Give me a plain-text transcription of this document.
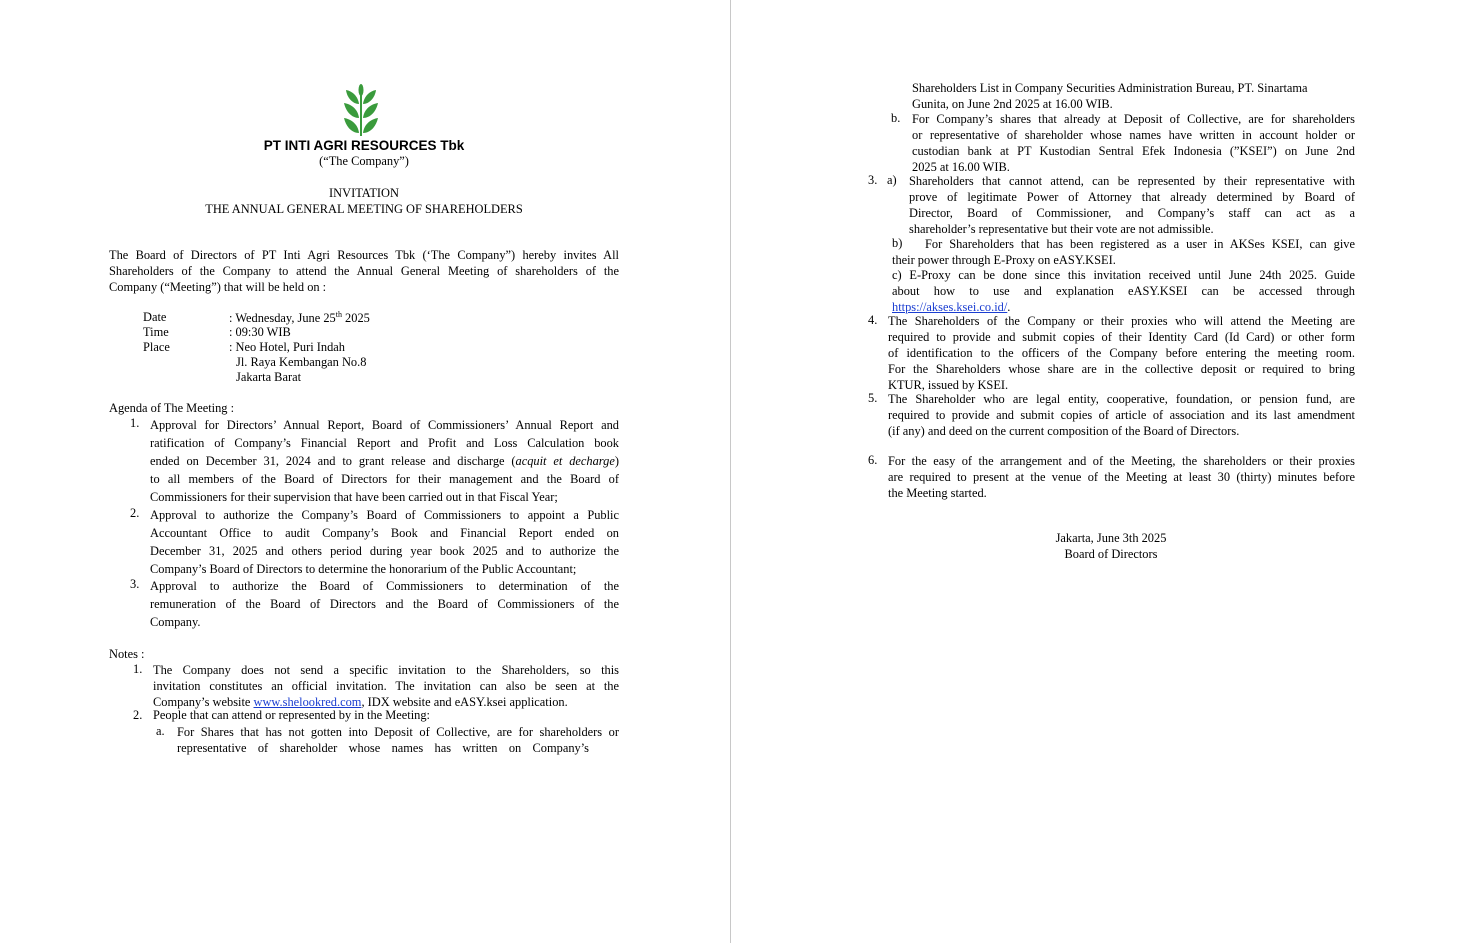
PT INTI AGRI RESOURCES Tbk
(“The Company”)
INVITATION
THE ANNUAL GENERAL MEETING OF SHAREHOLDERS
The Board of Directors of PT Inti Agri Resources Tbk (‘The Company”) hereby invites All
Shareholders of the Company to attend the Annual General Meeting of shareholders of the
Company (“Meeting”) that will be held on :
Date	: Wednesday, June 25th 2025
Time	: 09:30 WIB
Place	: Neo Hotel, Puri Indah
Jl. Raya Kembangan No.8
Jakarta Barat
Agenda of The Meeting :
1. Approval for Directors’ Annual Report, Board of Commissioners’ Annual Report and
ratification of Company’s Financial Report and Profit and Loss Calculation book
ended on December 31, 2024 and to grant release and discharge (acquit et decharge)
to all members of the Board of Directors for their management and the Board of
Commissioners for their supervision that have been carried out in that Fiscal Year;
2. Approval to authorize the Company’s Board of Commissioners to appoint a Public
Accountant Office to audit Company’s Book and Financial Report ended on
December 31, 2025 and others period during year book 2025 and to authorize the
Company’s Board of Directors to determine the honorarium of the Public Accountant;
3. Approval to authorize the Board of Commissioners to determination of the
remuneration of the Board of Directors and the Board of Commissioners of the
Company.
Notes :
1. The Company does not send a specific invitation to the Shareholders, so this
invitation constitutes an official invitation. The invitation can also be seen at the
Company’s website www.shelookred.com, IDX website and eASY.ksei application.
2. People that can attend or represented by in the Meeting:
a. For Shares that has not gotten into Deposit of Collective, are for shareholders or
representative of shareholder whose names has written on Company’s
Shareholders List in Company Securities Administration Bureau, PT. Sinartama
Gunita, on June 2nd 2025 at 16.00 WIB.
b. For Company’s shares that already at Deposit of Collective, are for shareholders
or representative of shareholder whose names have written in account holder or
custodian bank at PT Kustodian Sentral Efek Indonesia (”KSEI”) on June 2nd
2025 at 16.00 WIB.
3. a) Shareholders that cannot attend, can be represented by their representative with
prove of legitimate Power of Attorney that already determined by Board of
Director, Board of Commissioner, and Company’s staff can act as a
shareholder’s representative but their vote are not admissible.
b)	For Shareholders that has been registered as a user in AKSes KSEI, can give
their power through E-Proxy on eASY.KSEI.
c) E-Proxy can be done since this invitation received until June 24th 2025. Guide
about how to use and explanation eASY.KSEI can be accessed through
https://akses.ksei.co.id/.
4. The Shareholders of the Company or their proxies who will attend the Meeting are
required to provide and submit copies of their Identity Card (Id Card) or other form
of identification to the officers of the Company before entering the meeting room.
For the Shareholders whose share are in the collective deposit or required to bring
KTUR, issued by KSEI.
5. The Shareholder who are legal entity, cooperative, foundation, or pension fund, are
required to provide and submit copies of article of association and its last amendment
(if any) and deed on the current composition of the Board of Directors.
6. For the easy of the arrangement and of the Meeting, the shareholders or their proxies
are required to present at the venue of the Meeting at least 30 (thirty) minutes before
the Meeting started.
Jakarta, June 3th 2025
Board of Directors
